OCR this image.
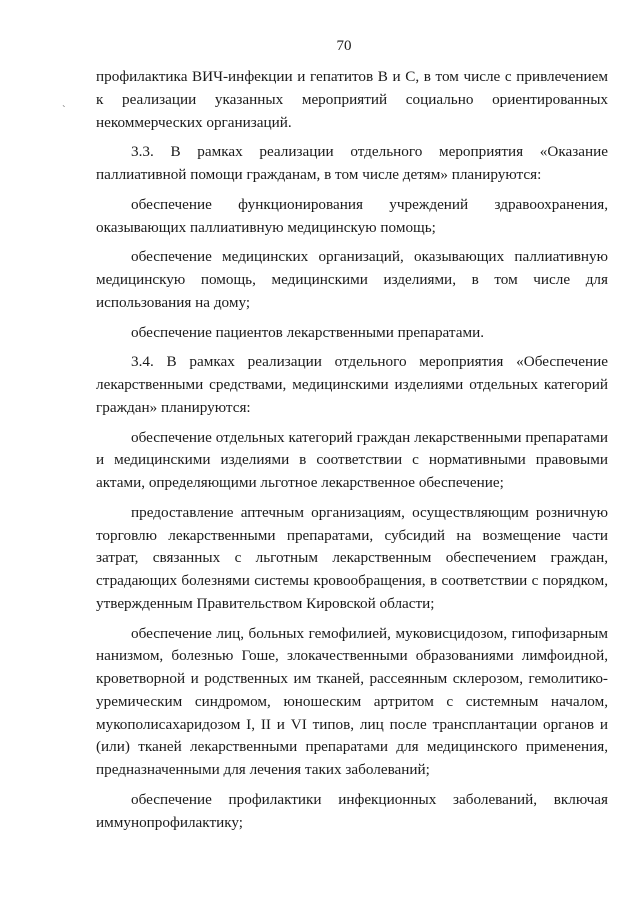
70
`

профилактика ВИЧ-инфекции и гепатитов В и С, в том числе с привлечением к реализации указанных мероприятий социально ориентированных некоммерческих организаций.

3.3. В рамках реализации отдельного мероприятия «Оказание паллиативной помощи гражданам, в том числе детям» планируются:

обеспечение функционирования учреждений здравоохранения, оказывающих паллиативную медицинскую помощь;

обеспечение медицинских организаций, оказывающих паллиативную медицинскую помощь, медицинскими изделиями, в том числе для использования на дому;

обеспечение пациентов лекарственными препаратами.

3.4. В рамках реализации отдельного мероприятия «Обеспечение лекарственными средствами, медицинскими изделиями отдельных категорий граждан» планируются:

обеспечение отдельных категорий граждан лекарственными препаратами и медицинскими изделиями в соответствии с нормативными правовыми актами, определяющими льготное лекарственное обеспечение;

предоставление аптечным организациям, осуществляющим розничную торговлю лекарственными препаратами, субсидий на возмещение части затрат, связанных с льготным лекарственным обеспечением граждан, страдающих болезнями системы кровообращения, в соответствии с порядком, утвержденным Правительством Кировской области;

обеспечение лиц, больных гемофилией, муковисцидозом, гипофизарным нанизмом, болезнью Гоше, злокачественными образованиями лимфоидной, кроветворной и родственных им тканей, рассеянным склерозом, гемолитико-уремическим синдромом, юношеским артритом с системным началом, мукополисахаридозом I, II и VI типов, лиц после трансплантации органов и (или) тканей лекарственными препаратами для медицинского применения, предназначенными для лечения таких заболеваний;

обеспечение профилактики инфекционных заболеваний, включая иммунопрофилактику;
